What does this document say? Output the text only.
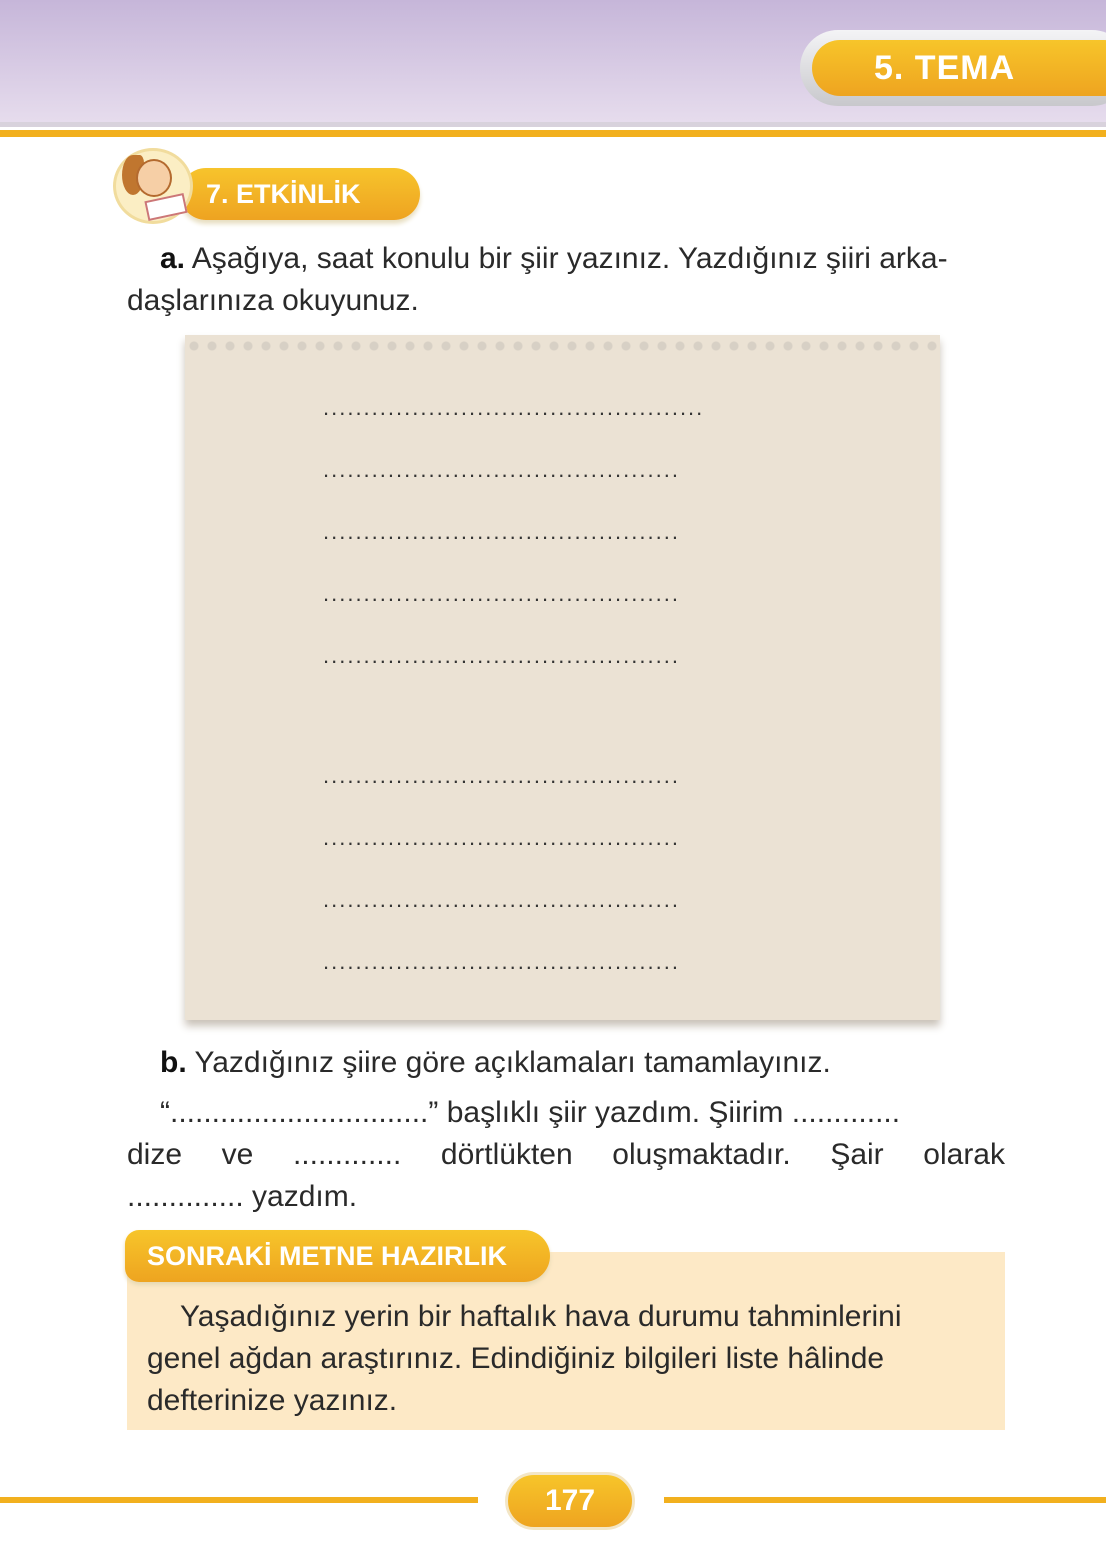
5. TEMA
7. ETKİNLİK

a. Aşağıya, saat konulu bir şiir yazınız. Yazdığınız şiiri arka-

daşlarınıza okuyunuz.

...............................................
............................................
............................................
............................................
............................................
............................................
............................................
............................................
............................................

b. Yazdığınız şiire göre açıklamaları tamamlayınız.

“...............................” başlıklı şiir yazdım. Şiirim .............

dize ve ............. dörtlükten oluşmaktadır. Şair olarak

.............. yazdım.

SONRAKİ METNE HAZIRLIK

Yaşadığınız yerin bir haftalık hava durumu tahminlerini

genel ağdan araştırınız. Edindiğiniz bilgileri liste hâlinde

defterinize yazınız.

177
